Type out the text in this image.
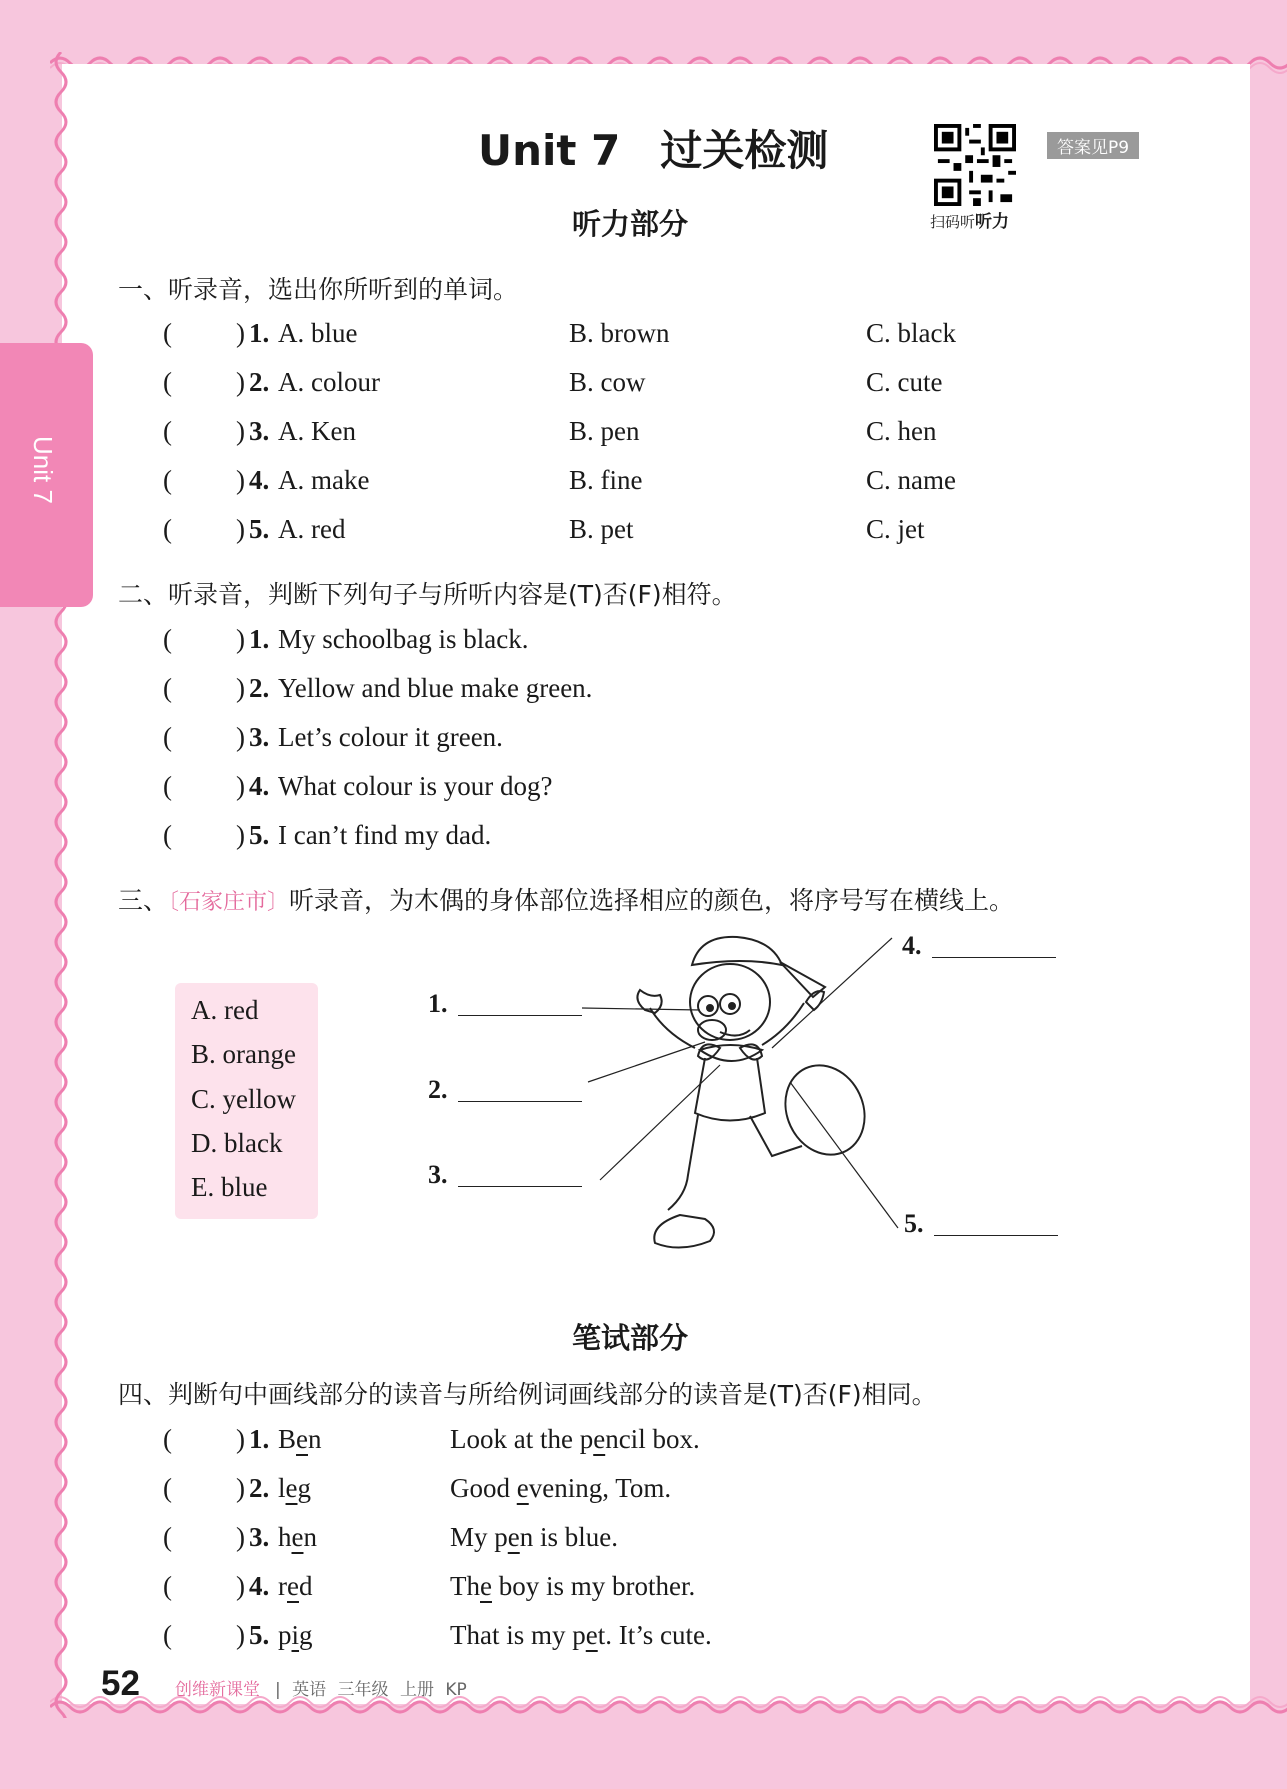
Unit 7
Unit 7 过关检测
扫码听听力
答案见P9
听力部分
一、听录音，选出你所听到的单词。
( ) 1. A. blue	B. brown	C. black
( ) 2. A. colour	B. cow	C. cute
( ) 3. A. Ken	B. pen	C. hen
( ) 4. A. make	B. fine	C. name
( ) 5. A. red	B. pet	C. jet
二、听录音，判断下列句子与所听内容是(T)否(F)相符。
( ) 1. My schoolbag is black.
( ) 2. Yellow and blue make green.
( ) 3. Let’s colour it green.
( ) 4. What colour is your dog?
( ) 5. I can’t find my dad.
三、〔石家庄市〕听录音，为木偶的身体部位选择相应的颜色，将序号写在横线上。
A. red
B. orange
C. yellow
D. black
E. blue
1.
2.
3.
4.
5.
笔试部分
四、判断句中画线部分的读音与所给例词画线部分的读音是(T)否(F)相同。
( ) 1. Ben	Look at the pencil box.
( ) 2. leg	Good evening, Tom.
( ) 3. hen	My pen is blue.
( ) 4. red	The boy is my brother.
( ) 5. pig	That is my pet. It’s cute.
52 创维新课堂 | 英语 三年级 上册 KP
